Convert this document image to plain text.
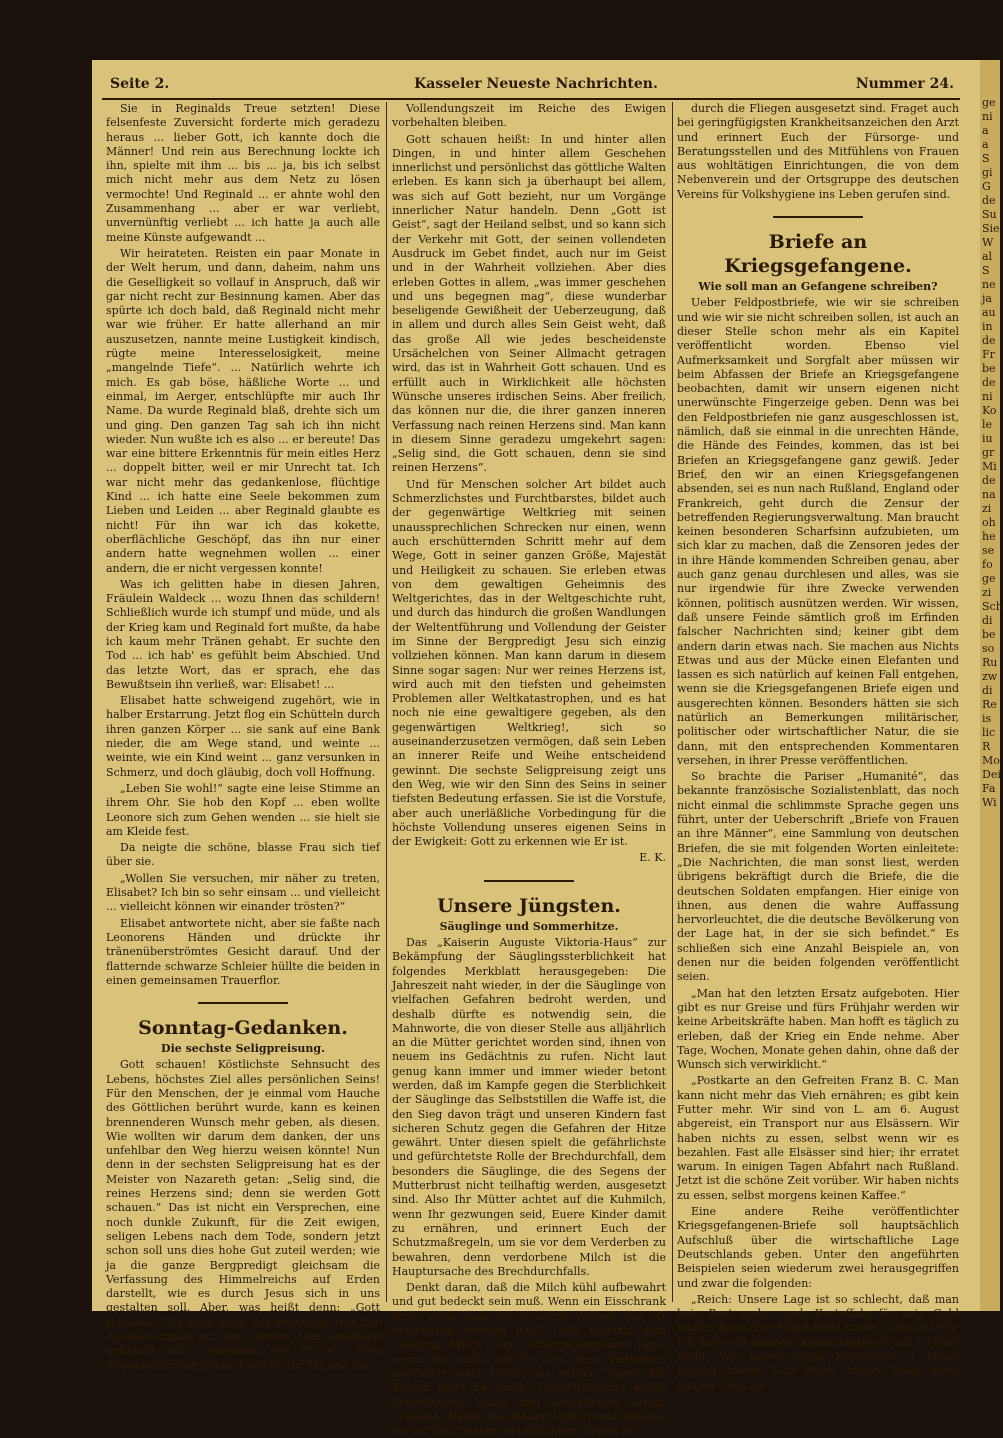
Seite 2.	Kasseler Neueste Nachrichten.	Nummer 24.

Sie in Reginalds Treue setzten! Diese felsenfeste Zuversicht forderte mich geradezu heraus ... lieber Gott, ich kannte doch die Männer! Und rein aus Berechnung lockte ich ihn, spielte mit ihm ... bis ... ja, bis ich selbst mich nicht mehr aus dem Netz zu lösen vermochte! Und Reginald ... er ahnte wohl den Zusammenhang ... aber er war verliebt, unvernünftig verliebt ... ich hatte ja auch alle meine Künste aufgewandt ...

Wir heirateten. Reisten ein paar Monate in der Welt herum, und dann, daheim, nahm uns die Geselligkeit so vollauf in Anspruch, daß wir gar nicht recht zur Besinnung kamen. Aber das spürte ich doch bald, daß Reginald nicht mehr war wie früher. Er hatte allerhand an mir auszusetzen, nannte meine Lustigkeit kindisch, rügte meine Interesselosigkeit, meine „mangelnde Tiefe“. ... Natürlich wehrte ich mich. Es gab böse, häßliche Worte ... und einmal, im Aerger, entschlüpfte mir auch Ihr Name. Da wurde Reginald blaß, drehte sich um und ging. Den ganzen Tag sah ich ihn nicht wieder. Nun wußte ich es also ... er bereute! Das war eine bittere Erkenntnis für mein eitles Herz ... doppelt bitter, weil er mir Unrecht tat. Ich war nicht mehr das gedankenlose, flüchtige Kind ... ich hatte eine Seele bekommen zum Lieben und Leiden ... aber Reginald glaubte es nicht! Für ihn war ich das kokette, oberflächliche Geschöpf, das ihn nur einer andern hatte wegnehmen wollen ... einer andern, die er nicht vergessen konnte!

Was ich gelitten habe in diesen Jahren, Fräulein Waldeck ... wozu Ihnen das schildern! Schließlich wurde ich stumpf und müde, und als der Krieg kam und Reginald fort mußte, da habe ich kaum mehr Tränen gehabt. Er suchte den Tod ... ich hab' es gefühlt beim Abschied. Und das letzte Wort, das er sprach, ehe das Bewußtsein ihn verließ, war: Elisabet! ...

Elisabet hatte schweigend zugehört, wie in halber Erstarrung. Jetzt flog ein Schütteln durch ihren ganzen Körper ... sie sank auf eine Bank nieder, die am Wege stand, und weinte ... weinte, wie ein Kind weint ... ganz versunken in Schmerz, und doch gläubig, doch voll Hoffnung.

„Leben Sie wohl!“ sagte eine leise Stimme an ihrem Ohr. Sie hob den Kopf ... eben wollte Leonore sich zum Gehen wenden ... sie hielt sie am Kleide fest.

Da neigte die schöne, blasse Frau sich tief über sie.

„Wollen Sie versuchen, mir näher zu treten, Elisabet? Ich bin so sehr einsam ... und vielleicht ... vielleicht können wir einander trösten?“

Elisabet antwortete nicht, aber sie faßte nach Leonorens Händen und drückte ihr tränenüberströmtes Gesicht darauf. Und der flatternde schwarze Schleier hüllte die beiden in einen gemeinsamen Trauerflor.

Sonntag-Gedanken.

Die sechste Seligpreisung.

Gott schauen! Köstlichste Sehnsucht des Lebens, höchstes Ziel alles persönlichen Seins! Für den Menschen, der je einmal vom Hauche des Göttlichen berührt wurde, kann es keinen brennenderen Wunsch mehr geben, als diesen. Wie wollten wir darum dem danken, der uns unfehlbar den Weg hierzu weisen könnte! Nun denn in der sechsten Seligpreisung hat es der Meister von Nazareth getan: „Selig sind, die reines Herzens sind; denn sie werden Gott schauen.“ Das ist nicht ein Versprechen, eine noch dunkle Zukunft, für die Zeit ewigen, seligen Lebens nach dem Tode, sondern jetzt schon soll uns dies hohe Gut zuteil werden; wie ja die ganze Bergpredigt gleichsam die Verfassung des Himmelreichs auf Erden darstellt, wie es durch Jesus sich in uns gestalten soll. Aber, was heißt denn: „Gott schauen?“ Es kann nicht das bedeuten, was der Apostel einmal mit den Worten zum Ausdruck gebracht hat: „erkennen, wie Er ist“. Dies unaussprechlich Große kann in der Tat erst der

Vollendungszeit im Reiche des Ewigen vorbehalten bleiben.

Gott schauen heißt: In und hinter allen Dingen, in und hinter allem Geschehen innerlichst und persönlichst das göttliche Walten erleben. Es kann sich ja überhaupt bei allem, was sich auf Gott bezieht, nur um Vorgänge innerlicher Natur handeln. Denn „Gott ist Geist“, sagt der Heiland selbst, und so kann sich der Verkehr mit Gott, der seinen vollendeten Ausdruck im Gebet findet, auch nur im Geist und in der Wahrheit vollziehen. Aber dies erleben Gottes in allem, „was immer geschehen und uns begegnen mag“, diese wunderbar beseligende Gewißheit der Ueberzeugung, daß in allem und durch alles Sein Geist weht, daß das große All wie jedes bescheidenste Ursächelchen von Seiner Allmacht getragen wird, das ist in Wahrheit Gott schauen. Und es erfüllt auch in Wirklichkeit alle höchsten Wünsche unseres irdischen Seins. Aber freilich, das können nur die, die ihrer ganzen inneren Verfassung nach reinen Herzens sind. Man kann in diesem Sinne geradezu umgekehrt sagen: „Selig sind, die Gott schauen, denn sie sind reinen Herzens“.

Und für Menschen solcher Art bildet auch Schmerzlichstes und Furchtbarstes, bildet auch der gegenwärtige Weltkrieg mit seinen unaussprechlichen Schrecken nur einen, wenn auch erschütternden Schritt mehr auf dem Wege, Gott in seiner ganzen Größe, Majestät und Heiligkeit zu schauen. Sie erleben etwas von dem gewaltigen Geheimnis des Weltgerichtes, das in der Weltgeschichte ruht, und durch das hindurch die großen Wandlungen der Weltentführung und Vollendung der Geister im Sinne der Bergpredigt Jesu sich einzig vollziehen können. Man kann darum in diesem Sinne sogar sagen: Nur wer reines Herzens ist, wird auch mit den tiefsten und geheimsten Problemen aller Weltkatastrophen, und es hat noch nie eine gewaltigere gegeben, als den gegenwärtigen Weltkrieg!, sich so auseinanderzusetzen vermögen, daß sein Leben an innerer Reife und Weihe entscheidend gewinnt. Die sechste Seligpreisung zeigt uns den Weg, wie wir den Sinn des Seins in seiner tiefsten Bedeutung erfassen. Sie ist die Vorstufe, aber auch unerläßliche Vorbedingung für die höchste Vollendung unseres eigenen Seins in der Ewigkeit: Gott zu erkennen wie Er ist.

E. K.

Unsere Jüngsten.

Säuglinge und Sommerhitze.

Das „Kaiserin Auguste Viktoria-Haus“ zur Bekämpfung der Säuglingssterblichkeit hat folgendes Merkblatt herausgegeben: Die Jahreszeit naht wieder, in der die Säuglinge von vielfachen Gefahren bedroht werden, und deshalb dürfte es notwendig sein, die Mahnworte, die von dieser Stelle aus alljährlich an die Mütter gerichtet worden sind, ihnen von neuem ins Gedächtnis zu rufen. Nicht laut genug kann immer und immer wieder betont werden, daß im Kampfe gegen die Sterblichkeit der Säuglinge das Selbststillen die Waffe ist, die den Sieg davon trägt und unseren Kindern fast sicheren Schutz gegen die Gefahren der Hitze gewährt. Unter diesen spielt die gefährlichste und gefürchtetste Rolle der Brechdurchfall, dem besonders die Säuglinge, die des Segens der Mutterbrust nicht teilhaftig werden, ausgesetzt sind. Also Ihr Mütter achtet auf die Kuhmilch, wenn Ihr gezwungen seid, Euere Kinder damit zu ernähren, und erinnert Euch der Schutzmaßregeln, um sie vor dem Verderben zu bewahren, denn verdorbene Milch ist die Hauptursache des Brechdurchfalls.

Denkt daran, daß die Milch kühl aufbewahrt und gut bedeckt sein muß. Wenn ein Eisschrank fehlt, stelle man sie in kaltes Wasser, das oft gewechselt werden muß. Gebt niemals dem Säugling Milch vom vorhergegangenen Tage, wenn sie nicht auf Eis vor dem Verderben geschützt war! Haltet an heißen Tagen die Kinder nicht zu warm! Ueberwärmung durch Federbetten, Watte und Steckbetten bringt Schaden. Badet die Kinder täglich und behütet sie vor den Qualen und Gefahren, denen sie

durch die Fliegen ausgesetzt sind. Fraget auch bei geringfügigsten Krankheitsanzeichen den Arzt und erinnert Euch der Fürsorge- und Beratungsstellen und des Mitfühlens von Frauen aus wohltätigen Einrichtungen, die von dem Nebenverein und der Ortsgruppe des deutschen Vereins für Volkshygiene ins Leben gerufen sind.

Briefe an Kriegsgefangene.

Wie soll man an Gefangene schreiben?

Ueber Feldpostbriefe, wie wir sie schreiben und wie wir sie nicht schreiben sollen, ist auch an dieser Stelle schon mehr als ein Kapitel veröffentlicht worden. Ebenso viel Aufmerksamkeit und Sorgfalt aber müssen wir beim Abfassen der Briefe an Kriegsgefangene beobachten, damit wir unsern eigenen nicht unerwünschte Fingerzeige geben. Denn was bei den Feldpostbriefen nie ganz ausgeschlossen ist, nämlich, daß sie einmal in die unrechten Hände, die Hände des Feindes, kommen, das ist bei Briefen an Kriegsgefangene ganz gewiß. Jeder Brief, den wir an einen Kriegsgefangenen absenden, sei es nun nach Rußland, England oder Frankreich, geht durch die Zensur der betreffenden Regierungsverwaltung. Man braucht keinen besonderen Scharfsinn aufzubieten, um sich klar zu machen, daß die Zensoren jedes der in ihre Hände kommenden Schreiben genau, aber auch ganz genau durchlesen und alles, was sie nur irgendwie für ihre Zwecke verwenden können, politisch ausnützen werden. Wir wissen, daß unsere Feinde sämtlich groß im Erfinden falscher Nachrichten sind; keiner gibt dem andern darin etwas nach. Sie machen aus Nichts Etwas und aus der Mücke einen Elefanten und lassen es sich natürlich auf keinen Fall entgehen, wenn sie die Kriegsgefangenen Briefe eigen und ausgerechten können. Besonders hätten sie sich natürlich an Bemerkungen militärischer, politischer oder wirtschaftlicher Natur, die sie dann, mit den entsprechenden Kommentaren versehen, in ihrer Presse veröffentlichen.

So brachte die Pariser „Humanité“, das bekannte französische Sozialistenblatt, das noch nicht einmal die schlimmste Sprache gegen uns führt, unter der Ueberschrift „Briefe von Frauen an ihre Männer“, eine Sammlung von deutschen Briefen, die sie mit folgenden Worten einleitete: „Die Nachrichten, die man sonst liest, werden übrigens bekräftigt durch die Briefe, die die deutschen Soldaten empfangen. Hier einige von ihnen, aus denen die wahre Auffassung hervorleuchtet, die die deutsche Bevölkerung von der Lage hat, in der sie sich befindet.“ Es schließen sich eine Anzahl Beispiele an, von denen nur die beiden folgenden veröffentlicht seien.

„Man hat den letzten Ersatz aufgeboten. Hier gibt es nur Greise und fürs Frühjahr werden wir keine Arbeitskräfte haben. Man hofft es täglich zu erleben, daß der Krieg ein Ende nehme. Aber Tage, Wochen, Monate gehen dahin, ohne daß der Wunsch sich verwirklicht.“

„Postkarte an den Gefreiten Franz B. C. Man kann nicht mehr das Vieh ernähren; es gibt kein Futter mehr. Wir sind von L. am 6. August abgereist, ein Transport nur aus Elsässern. Wir haben nichts zu essen, selbst wenn wir es bezahlen. Fast alle Elsässer sind hier; ihr erratet warum. In einigen Tagen Abfahrt nach Rußland. Jetzt ist die schöne Zeit vorüber. Wir haben nichts zu essen, selbst morgens keinen Kaffee.“

Eine andere Reihe veröffentlichter Kriegsgefangenen-Briefe soll hauptsächlich Aufschluß über die wirtschaftliche Lage Deutschlands geben. Unter den angeführten Beispielen seien wiederum zwei herausgegriffen und zwar die folgenden:

„Reich: Unsere Lage ist so schlecht, daß man kein Brot mehr, noch Kartoffeln für sein Geld kaufen kann. Ein Pfund Mehl kostet schon 30 Pfg. Ich habe mit meinem Kinde Anspruch auf 1 Pfund Mehl. Wir haben sogar Kriegsbrot. 1 Pfund Fleisch kostet 1,20 Mark, keiner kann mehr kaufen. Man ist

ge
ni
a
a
S
gi
G
de
Su
Sie
W
al
S
ne
ja
au
in
de
Fr
be
de
ni
Ko
le
iu
gr
Mi
de
na
zi
oh
he
se
fo
ge
zi
Sch
di
be
so
Ru
zw
di
Re
is
lic
R
Mo
Dei
Fa
Wi
